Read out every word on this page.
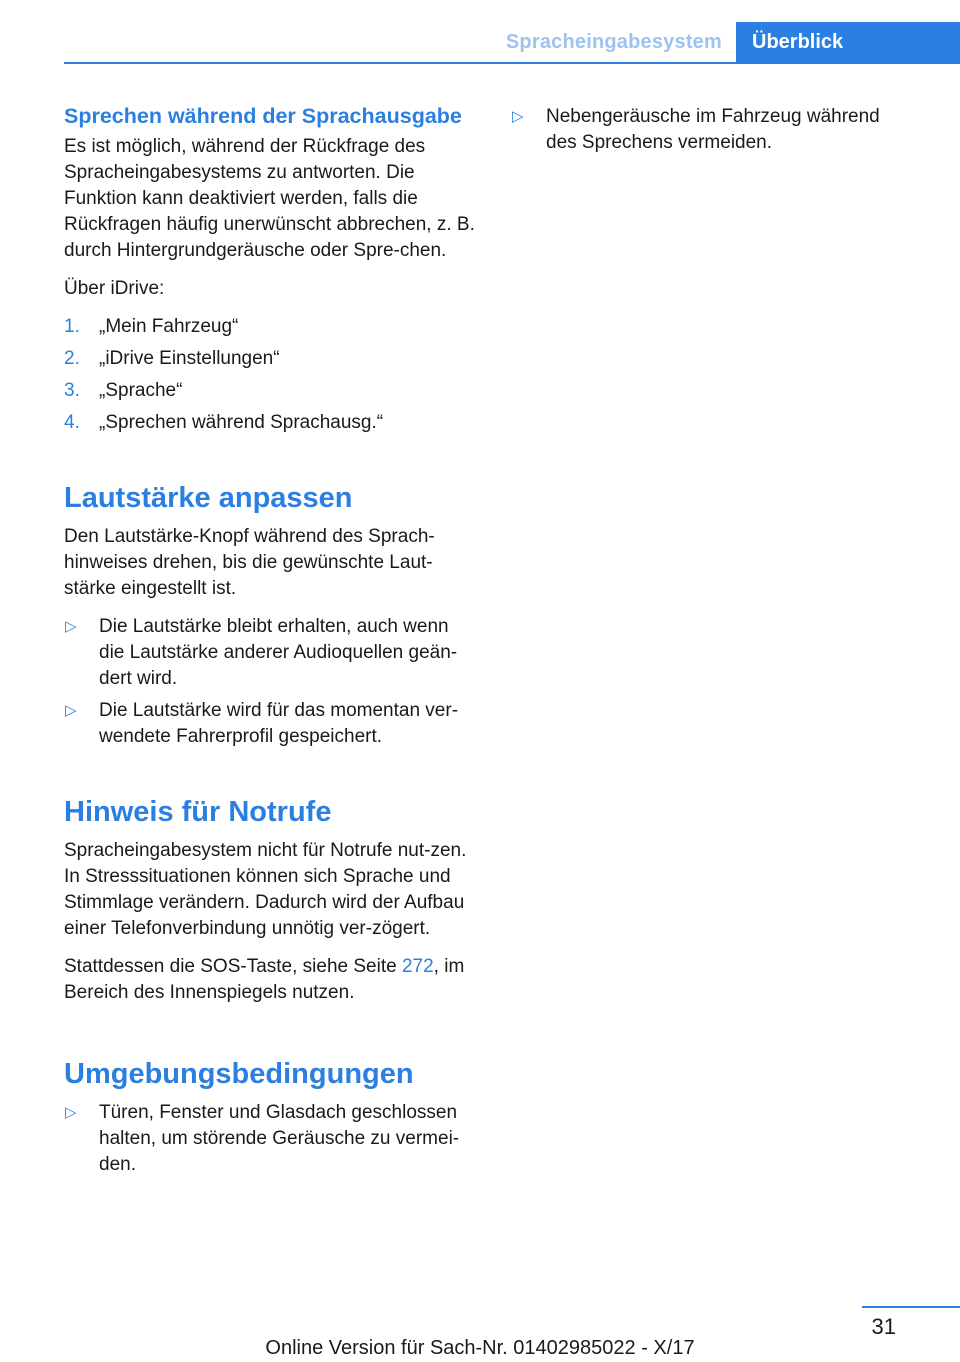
Spracheingabesystem	Überblick
Sprechen während der Sprachausgabe

Es ist möglich, während der Rückfrage des Spracheingabesystems zu antworten. Die Funktion kann deaktiviert werden, falls die Rückfragen häufig unerwünscht abbrechen, z. B. durch Hintergrundgeräusche oder Spre-chen.

Über iDrive:

1. „Mein Fahrzeug“
2. „iDrive Einstellungen“
3. „Sprache“
4. „Sprechen während Sprachausg.“
Lautstärke anpassen

Den Lautstärke-Knopf während des Sprach-hinweises drehen, bis die gewünschte Laut-stärke eingestellt ist.

▷ Die Lautstärke bleibt erhalten, auch wenn die Lautstärke anderer Audioquellen geän-dert wird.
▷ Die Lautstärke wird für das momentan ver-wendete Fahrerprofil gespeichert.
Hinweis für Notrufe

Spracheingabesystem nicht für Notrufe nut-zen. In Stresssituationen können sich Sprache und Stimmlage verändern. Dadurch wird der Aufbau einer Telefonverbindung unnötig ver-zögert.

Stattdessen die SOS-Taste, siehe Seite 272, im Bereich des Innenspiegels nutzen.

Umgebungsbedingungen
▷ Türen, Fenster und Glasdach geschlossen halten, um störende Geräusche zu vermei-den.
▷ Nebengeräusche im Fahrzeug während des Sprechens vermeiden.
31
Online Version für Sach-Nr. 01402985022 - X/17
